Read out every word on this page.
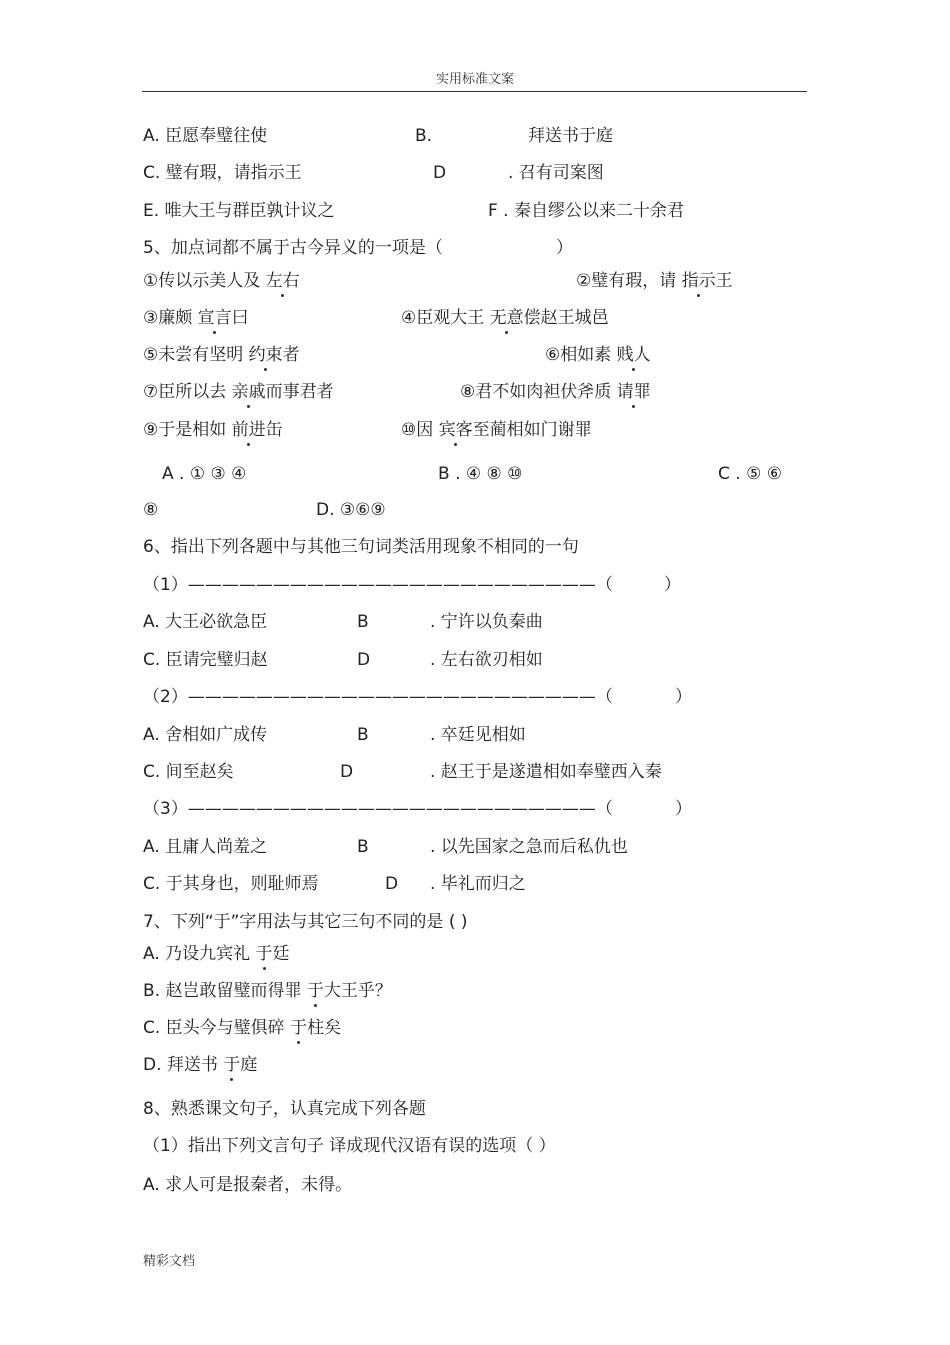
实用标准文案
A. 臣愿奉璧往使	B.	拜送书于庭
C. 璧有瑕，请指示王	D	. 召有司案图
E. 唯大王与群臣孰计议之	F . 秦自缪公以来二十余君
5、加点词都不属于古今异义的一项是（	）
①传以示美人及 左右	②璧有瑕，请 指示王
③廉颇 宣言曰	④臣观大王 无意偿赵王城邑
⑤未尝有坚明 约束者	⑥相如素 贱人
⑦臣所以去 亲戚而事君者	⑧君不如肉袒伏斧质 请罪
⑨于是相如 前进缶	⑩因 宾客至蔺相如门谢罪
A . ① ③ ④	B . ④ ⑧ ⑩	C . ⑤ ⑥
⑧	D. ③⑥⑨
6、指出下列各题中与其他三句词类活用现象不相同的一句
（1）————————————————————————（	）
A. 大王必欲急臣	B	. 宁许以负秦曲
C. 臣请完璧归赵	D	. 左右欲刃相如
（2）————————————————————————（	）
A. 舍相如广成传	B	. 卒廷见相如
C. 间至赵矣	D	. 赵王于是遂遣相如奉璧西入秦
（3）————————————————————————（	）
A. 且庸人尚羞之	B	. 以先国家之急而后私仇也
C. 于其身也，则耻师焉	D . 毕礼而归之
7、下列“于”字用法与其它三句不同的是 ( )
A. 乃设九宾礼 于廷
B. 赵岂敢留璧而得罪 于大王乎？
C. 臣头今与璧俱碎 于柱矣
D. 拜送书 于庭
8、熟悉课文句子，认真完成下列各题
（1）指出下列文言句子 译成现代汉语有误的选项（ ）
A. 求人可是报秦者，未得。
精彩文档
